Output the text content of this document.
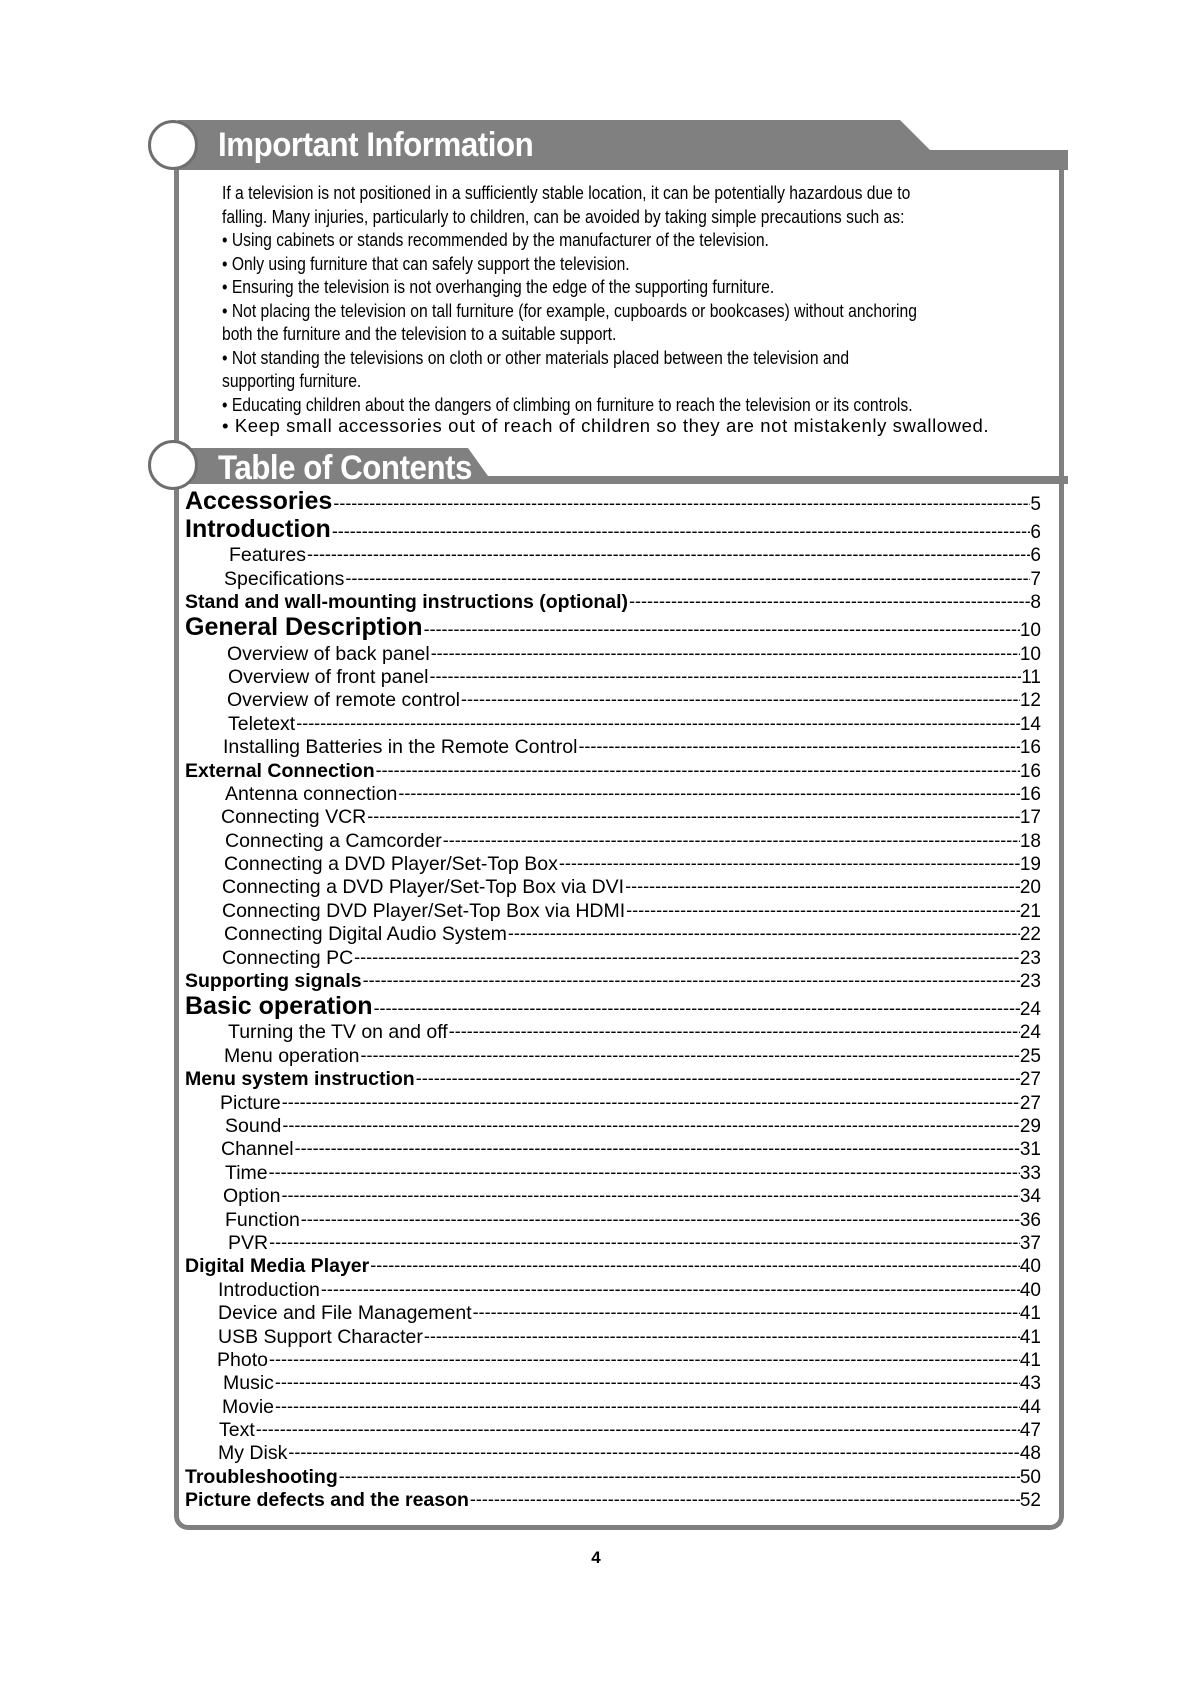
Important Information

If a television is not positioned in a sufficiently stable location, it can be potentially hazardous due to

falling. Many injuries, particularly to children, can be avoided by taking simple precautions such as:

• Using cabinets or stands recommended by the manufacturer of the television.

• Only using furniture that can safely support the television.

• Ensuring the television is not overhanging the edge of the supporting furniture.

• Not placing the television on tall furniture (for example, cupboards or bookcases) without anchoring

both the furniture and the television to a suitable support.

• Not standing the televisions on cloth or other materials placed between the television and

supporting furniture.

• Educating children about the dangers of climbing on furniture to reach the television or its controls.

• Keep small accessories out of reach of children so they are not mistakenly swallowed.
Table of Contents
Accessories -----	5
Introduction -----	6
Features -----	6
Specifications -----	7
Stand and wall-mounting instructions (optional) -----	8
General Description -----	10
Overview of back panel -----	10
Overview of front panel -----	11
Overview of remote control -----	12
Teletext -----	14
Installing Batteries in the Remote Control -----	16
External Connection -----	16
Antenna connection -----	16
Connecting VCR -----	17
Connecting a Camcorder -----	18
Connecting a DVD Player/Set-Top Box -----	19
Connecting a DVD Player/Set-Top Box via DVI -----	20
Connecting DVD Player/Set-Top Box via HDMI -----	21
Connecting Digital Audio System -----	22
Connecting PC -----	23
Supporting signals -----	23
Basic operation -----	24
Turning the TV on and off -----	24
Menu operation -----	25
Menu system instruction -----	27
Picture -----	27
Sound -----	29
Channel -----	31
Time -----	33
Option -----	34
Function -----	36
PVR -----	37
Digital Media Player -----	40
Introduction -----	40
Device and File Management -----	41
USB Support Character -----	41
Photo -----	41
Music -----	43
Movie -----	44
Text -----	47
My Disk -----	48
Troubleshooting -----	50
Picture defects and the reason -----	52
4
